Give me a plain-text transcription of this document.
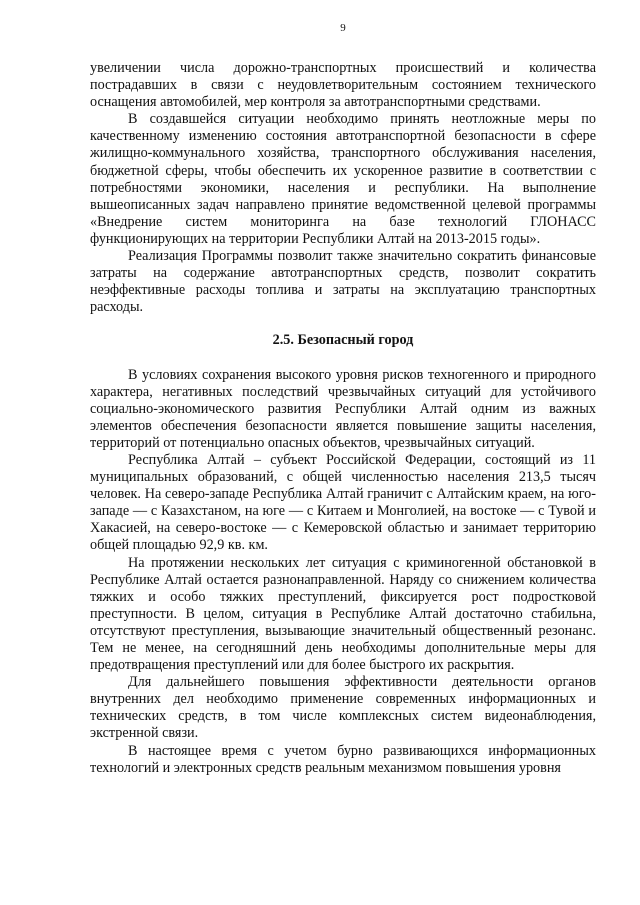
9

увеличении числа дорожно-транспортных происшествий и количества пострадавших в связи с неудовлетворительным состоянием технического оснащения автомобилей, мер контроля за автотранспортными средствами.

В создавшейся ситуации необходимо принять неотложные меры по качественному изменению состояния автотранспортной безопасности в сфере жилищно-коммунального хозяйства, транспортного обслуживания населения, бюджетной сферы, чтобы обеспечить их ускоренное развитие в соответствии с потребностями экономики, населения и республики. На выполнение вышеописанных задач направлено принятие ведомственной целевой программы «Внедрение систем мониторинга на базе технологий ГЛОНАСС функционирующих на территории Республики Алтай на 2013-2015 годы».

Реализация Программы позволит также значительно сократить финансовые затраты на содержание автотранспортных средств, позволит сократить неэффективные расходы топлива и затраты на эксплуатацию транспортных расходы.

2.5. Безопасный город

В условиях сохранения высокого уровня рисков техногенного и природного характера, негативных последствий чрезвычайных ситуаций для устойчивого социально-экономического развития Республики Алтай одним из важных элементов обеспечения безопасности является повышение защиты населения, территорий от потенциально опасных объектов, чрезвычайных ситуаций.

Республика Алтай – субъект Российской Федерации, состоящий из 11 муниципальных образований, с общей численностью населения 213,5 тысяч человек. На северо-западе Республика Алтай граничит с Алтайским краем, на юго-западе — с Казахстаном, на юге — с Китаем и Монголией, на востоке — с Тувой и Хакасией, на северо-востоке — с Кемеровской областью и занимает территорию общей площадью 92,9 кв. км.

На протяжении нескольких лет ситуация с криминогенной обстановкой в Республике Алтай остается разнонаправленной. Наряду со снижением количества тяжких и особо тяжких преступлений, фиксируется рост подростковой преступности. В целом, ситуация в Республике Алтай достаточно стабильна, отсутствуют преступления, вызывающие значительный общественный резонанс. Тем не менее, на сегодняшний день необходимы дополнительные меры для предотвращения преступлений или для более быстрого их раскрытия.

Для дальнейшего повышения эффективности деятельности органов внутренних дел необходимо применение современных информационных и технических средств, в том числе комплексных систем видеонаблюдения, экстренной связи.

В настоящее время с учетом бурно развивающихся информационных технологий и электронных средств реальным механизмом повышения уровня
